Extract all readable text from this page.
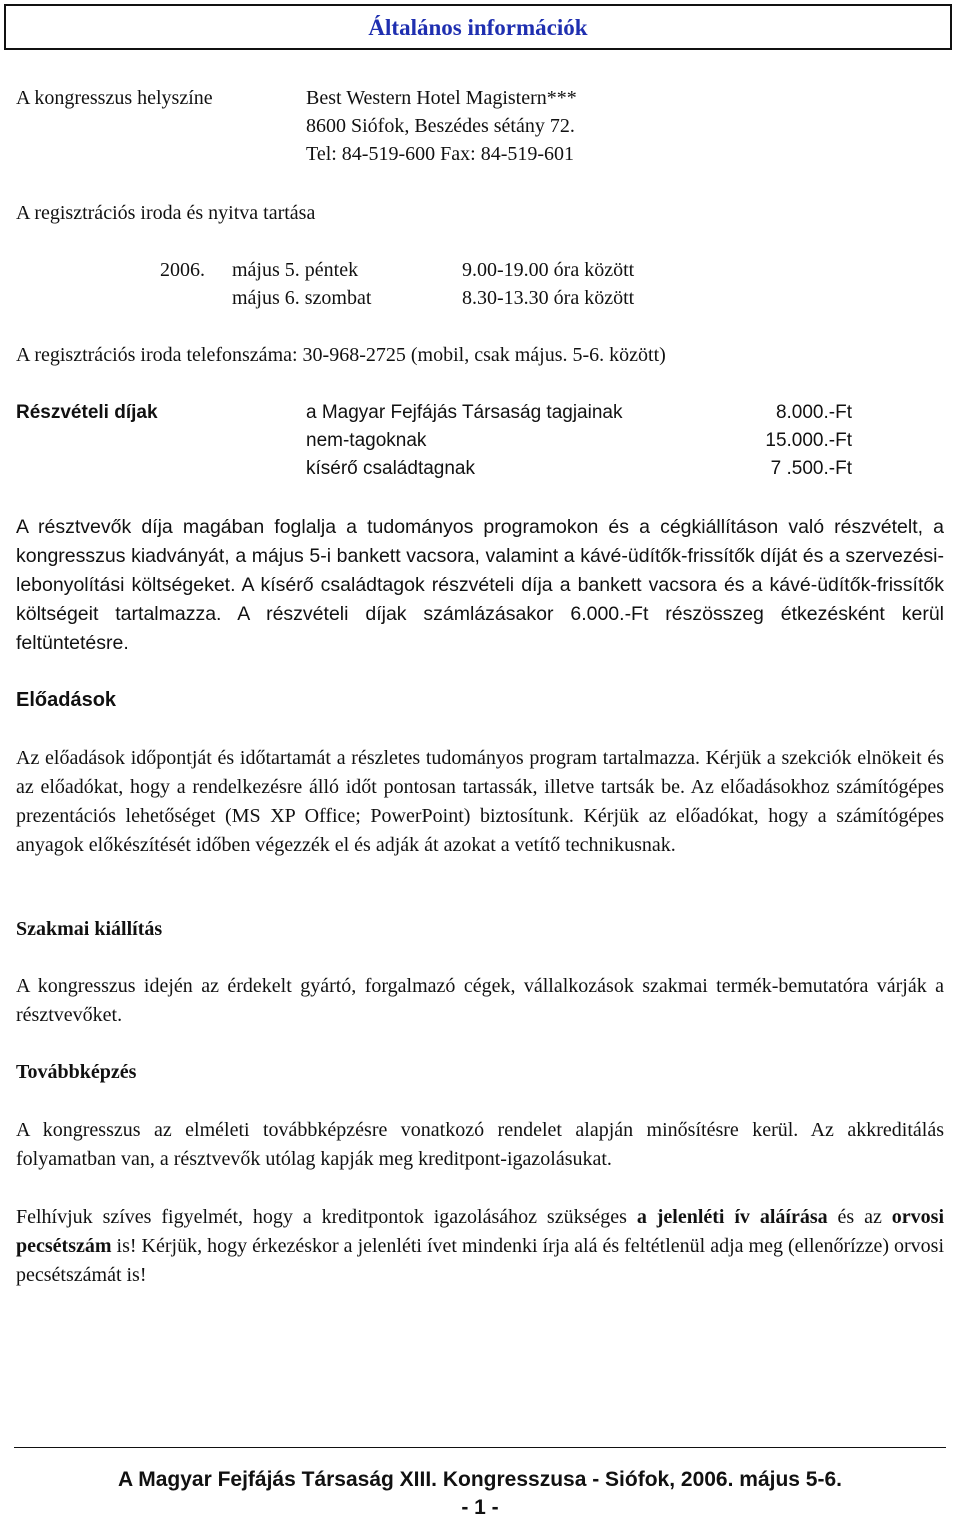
Általános információk
A kongresszus helyszíne	Best Western Hotel Magistern***
8600 Siófok, Beszédes sétány 72.
Tel: 84-519-600 Fax: 84-519-601
A regisztrációs iroda és nyitva tartása
2006. május 5. péntek	9.00-19.00 óra között
május 6. szombat	8.30-13.30 óra között
A regisztrációs iroda telefonszáma: 30-968-2725 (mobil, csak május. 5-6. között)
Részvételi díjak	a Magyar Fejfájás Társaság tagjainak	8.000.-Ft
nem-tagoknak	15.000.-Ft
kísérő családtagnak	7 .500.-Ft
A résztvevők díja magában foglalja a tudományos programokon és a cégkiállításon való részvételt, a kongresszus kiadványát, a május 5-i bankett vacsora, valamint a kávé-üdítők-frissítők díját és a szervezési-lebonyolítási költségeket. A kísérő családtagok részvételi díja a bankett vacsora és a kávé-üdítők-frissítők költségeit tartalmazza. A részvételi díjak számlázásakor 6.000.-Ft részösszeg étkezésként kerül feltüntetésre.
Előadások
Az előadások időpontját és időtartamát a részletes tudományos program tartalmazza. Kérjük a szekciók elnökeit és az előadókat, hogy a rendelkezésre álló időt pontosan tartassák, illetve tartsák be. Az előadásokhoz számítógépes prezentációs lehetőséget (MS XP Office; PowerPoint) biztosítunk. Kérjük az előadókat, hogy a számítógépes anyagok előkészítését időben végezzék el és adják át azokat a vetítő technikusnak.
Szakmai kiállítás
A kongresszus idején az érdekelt gyártó, forgalmazó cégek, vállalkozások szakmai termék-bemutatóra várják a résztvevőket.
Továbbképzés
A kongresszus az elméleti továbbképzésre vonatkozó rendelet alapján minősítésre kerül. Az akkreditálás folyamatban van, a résztvevők utólag kapják meg kreditpont-igazolásukat.
Felhívjuk szíves figyelmét, hogy a kreditpontok igazolásához szükséges a jelenléti ív aláírása és az orvosi pecsétszám is! Kérjük, hogy érkezéskor a jelenléti ívet mindenki írja alá és feltétlenül adja meg (ellenőrízze) orvosi pecsétszámát is!
A Magyar Fejfájás Társaság XIII. Kongresszusa - Siófok, 2006. május 5-6.
- 1 -
